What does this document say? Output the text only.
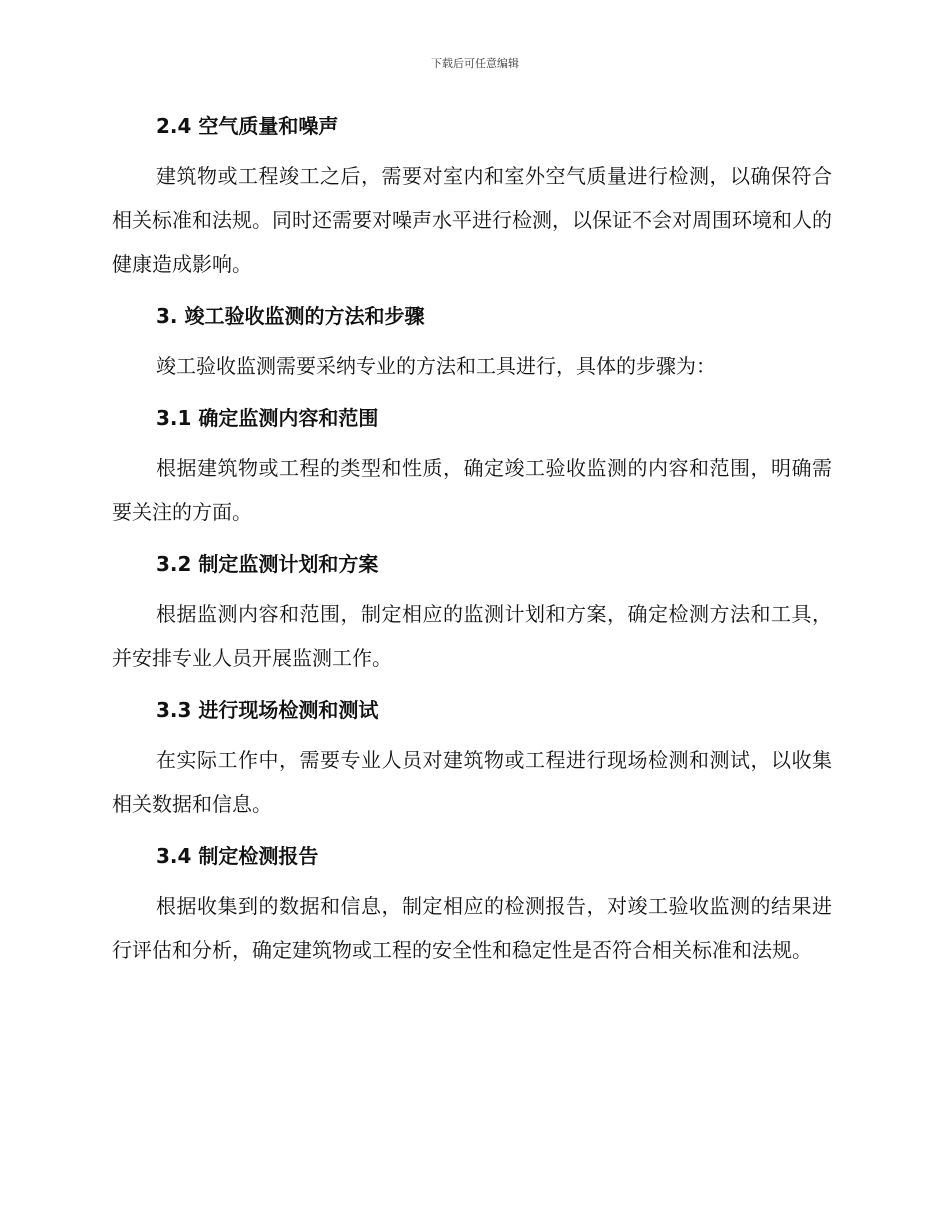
下载后可任意编辑
2.4 空气质量和噪声

建筑物或工程竣工之后，需要对室内和室外空气质量进行检测，以确保符合相关标准和法规。同时还需要对噪声水平进行检测，以保证不会对周围环境和人的健康造成影响。

3. 竣工验收监测的方法和步骤

竣工验收监测需要采纳专业的方法和工具进行，具体的步骤为：

3.1 确定监测内容和范围

根据建筑物或工程的类型和性质，确定竣工验收监测的内容和范围，明确需要关注的方面。

3.2 制定监测计划和方案

根据监测内容和范围，制定相应的监测计划和方案，确定检测方法和工具，并安排专业人员开展监测工作。

3.3 进行现场检测和测试

在实际工作中，需要专业人员对建筑物或工程进行现场检测和测试，以收集相关数据和信息。

3.4 制定检测报告

根据收集到的数据和信息，制定相应的检测报告，对竣工验收监测的结果进行评估和分析，确定建筑物或工程的安全性和稳定性是否符合相关标准和法规。
